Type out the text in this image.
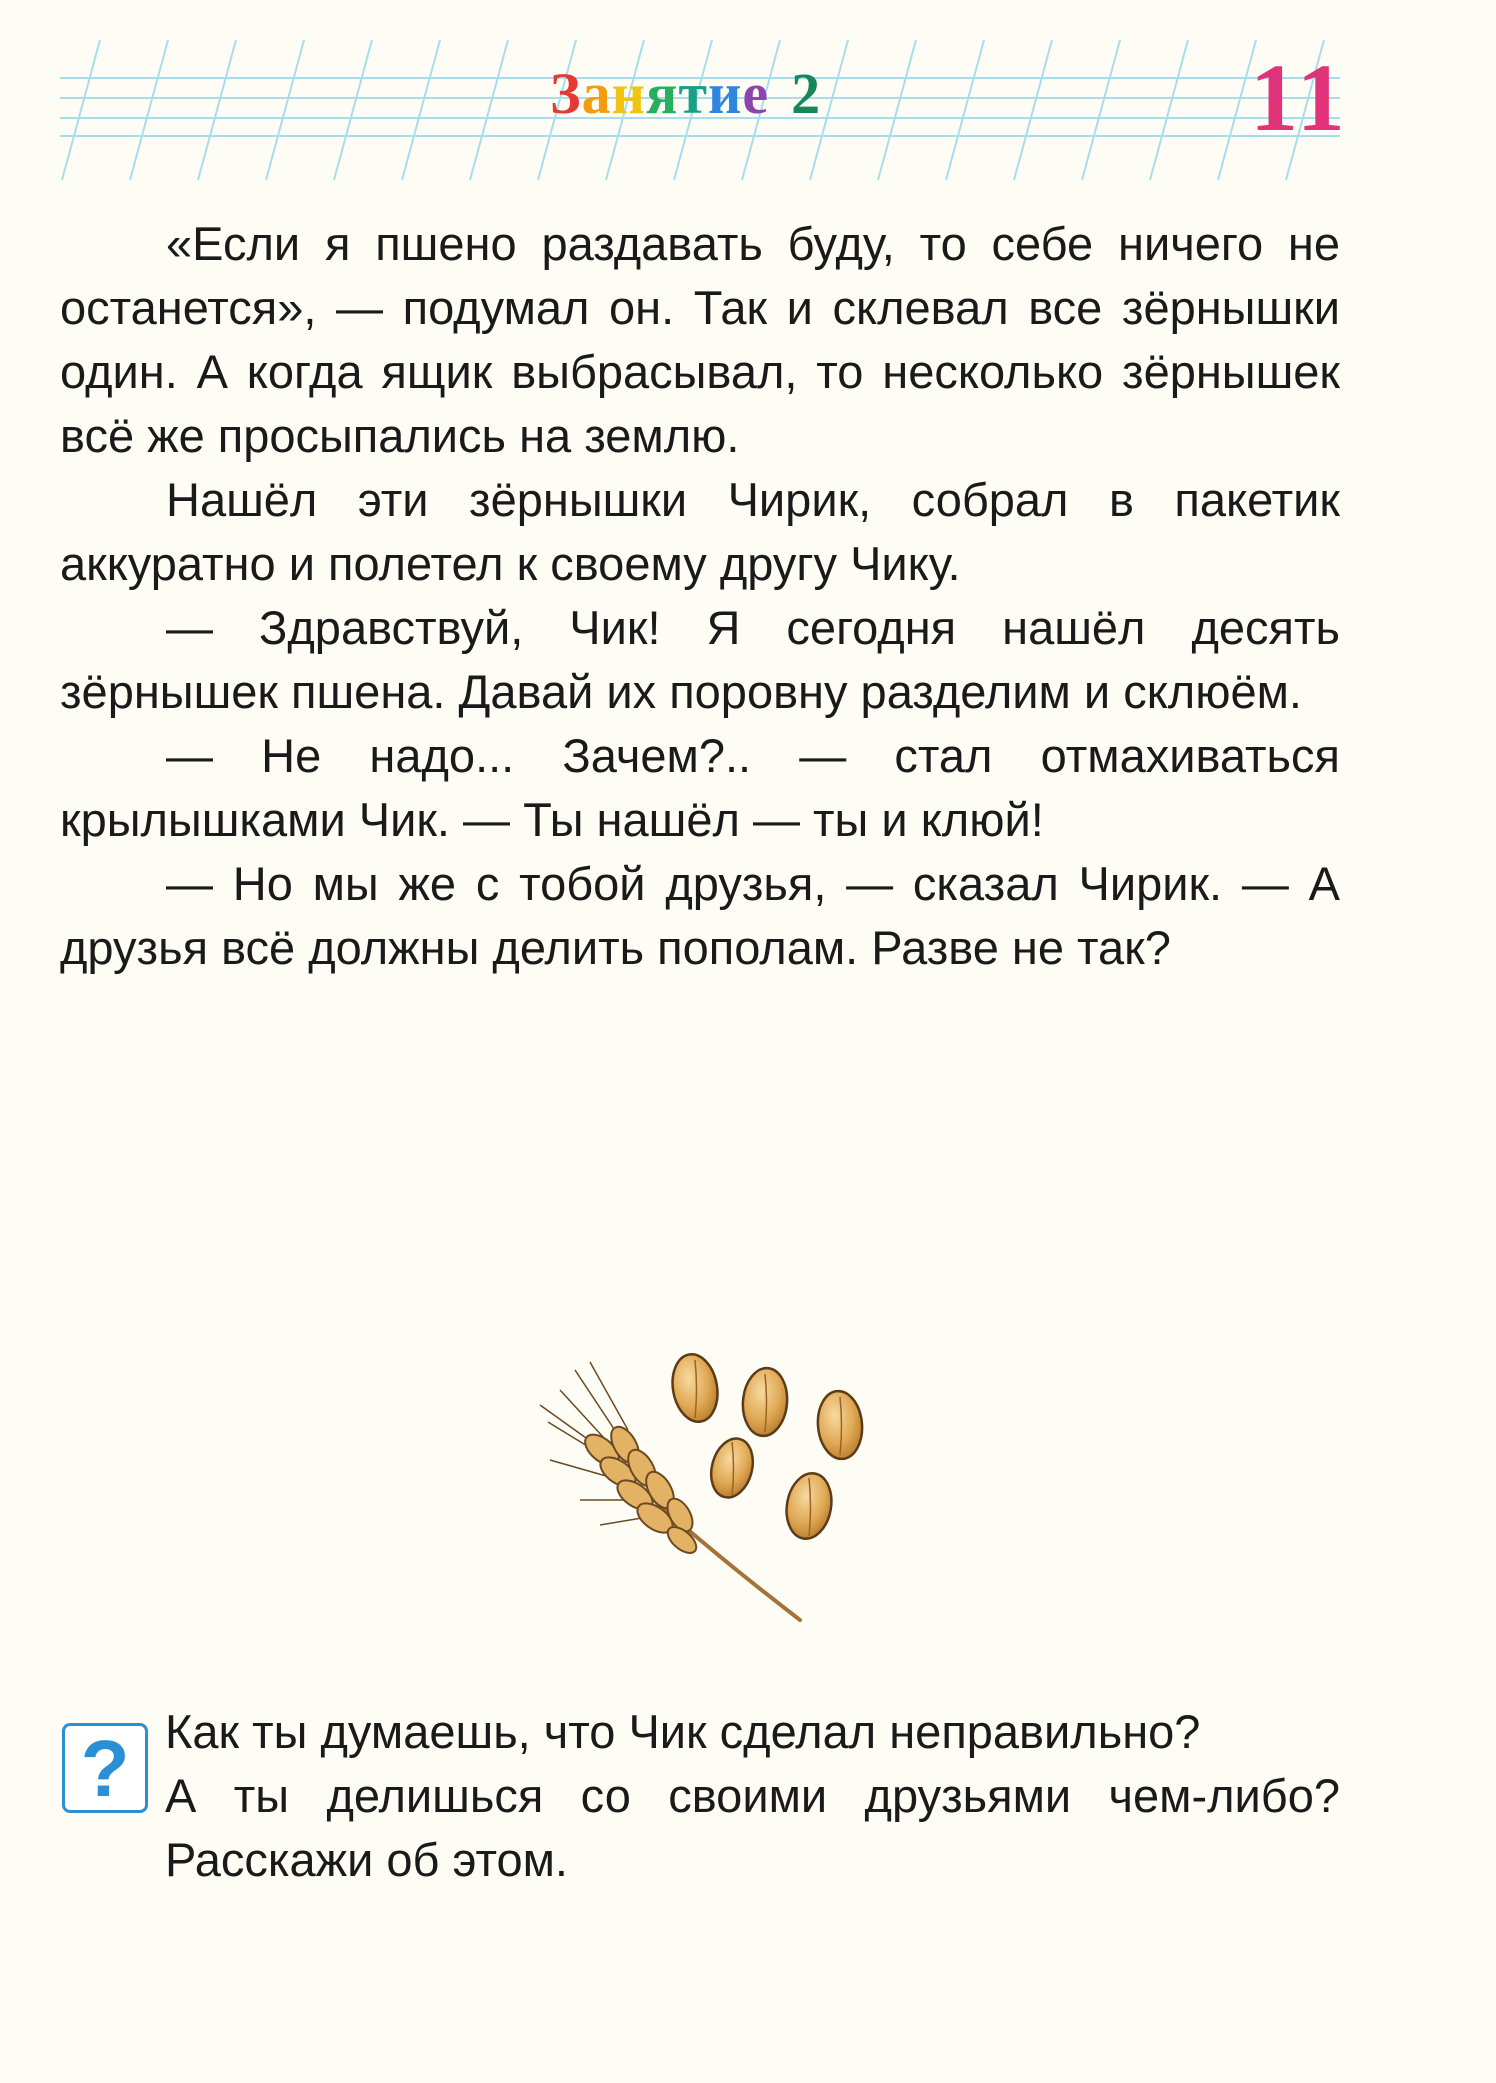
Занятие 2	11

«Если я пшено раздавать буду, то себе ничего не останется», — подумал он. Так и склевал все зёрнышки один. А когда ящик выбрасывал, то несколько зёрнышек всё же просыпались на землю.

Нашёл эти зёрнышки Чирик, собрал в пакетик аккуратно и полетел к своему другу Чику.

— Здравствуй, Чик! Я сегодня нашёл десять зёрнышек пшена. Давай их поровну разделим и склюём.

— Не надо... Зачем?.. — стал отмахиваться крылышками Чик. — Ты нашёл — ты и клюй!

— Но мы же с тобой друзья, — сказал Чирик. — А друзья всё должны делить пополам. Разве не так?

? Как ты думаешь, что Чик сделал неправильно?

А ты делишься со своими друзьями чем-либо? Расскажи об этом.
